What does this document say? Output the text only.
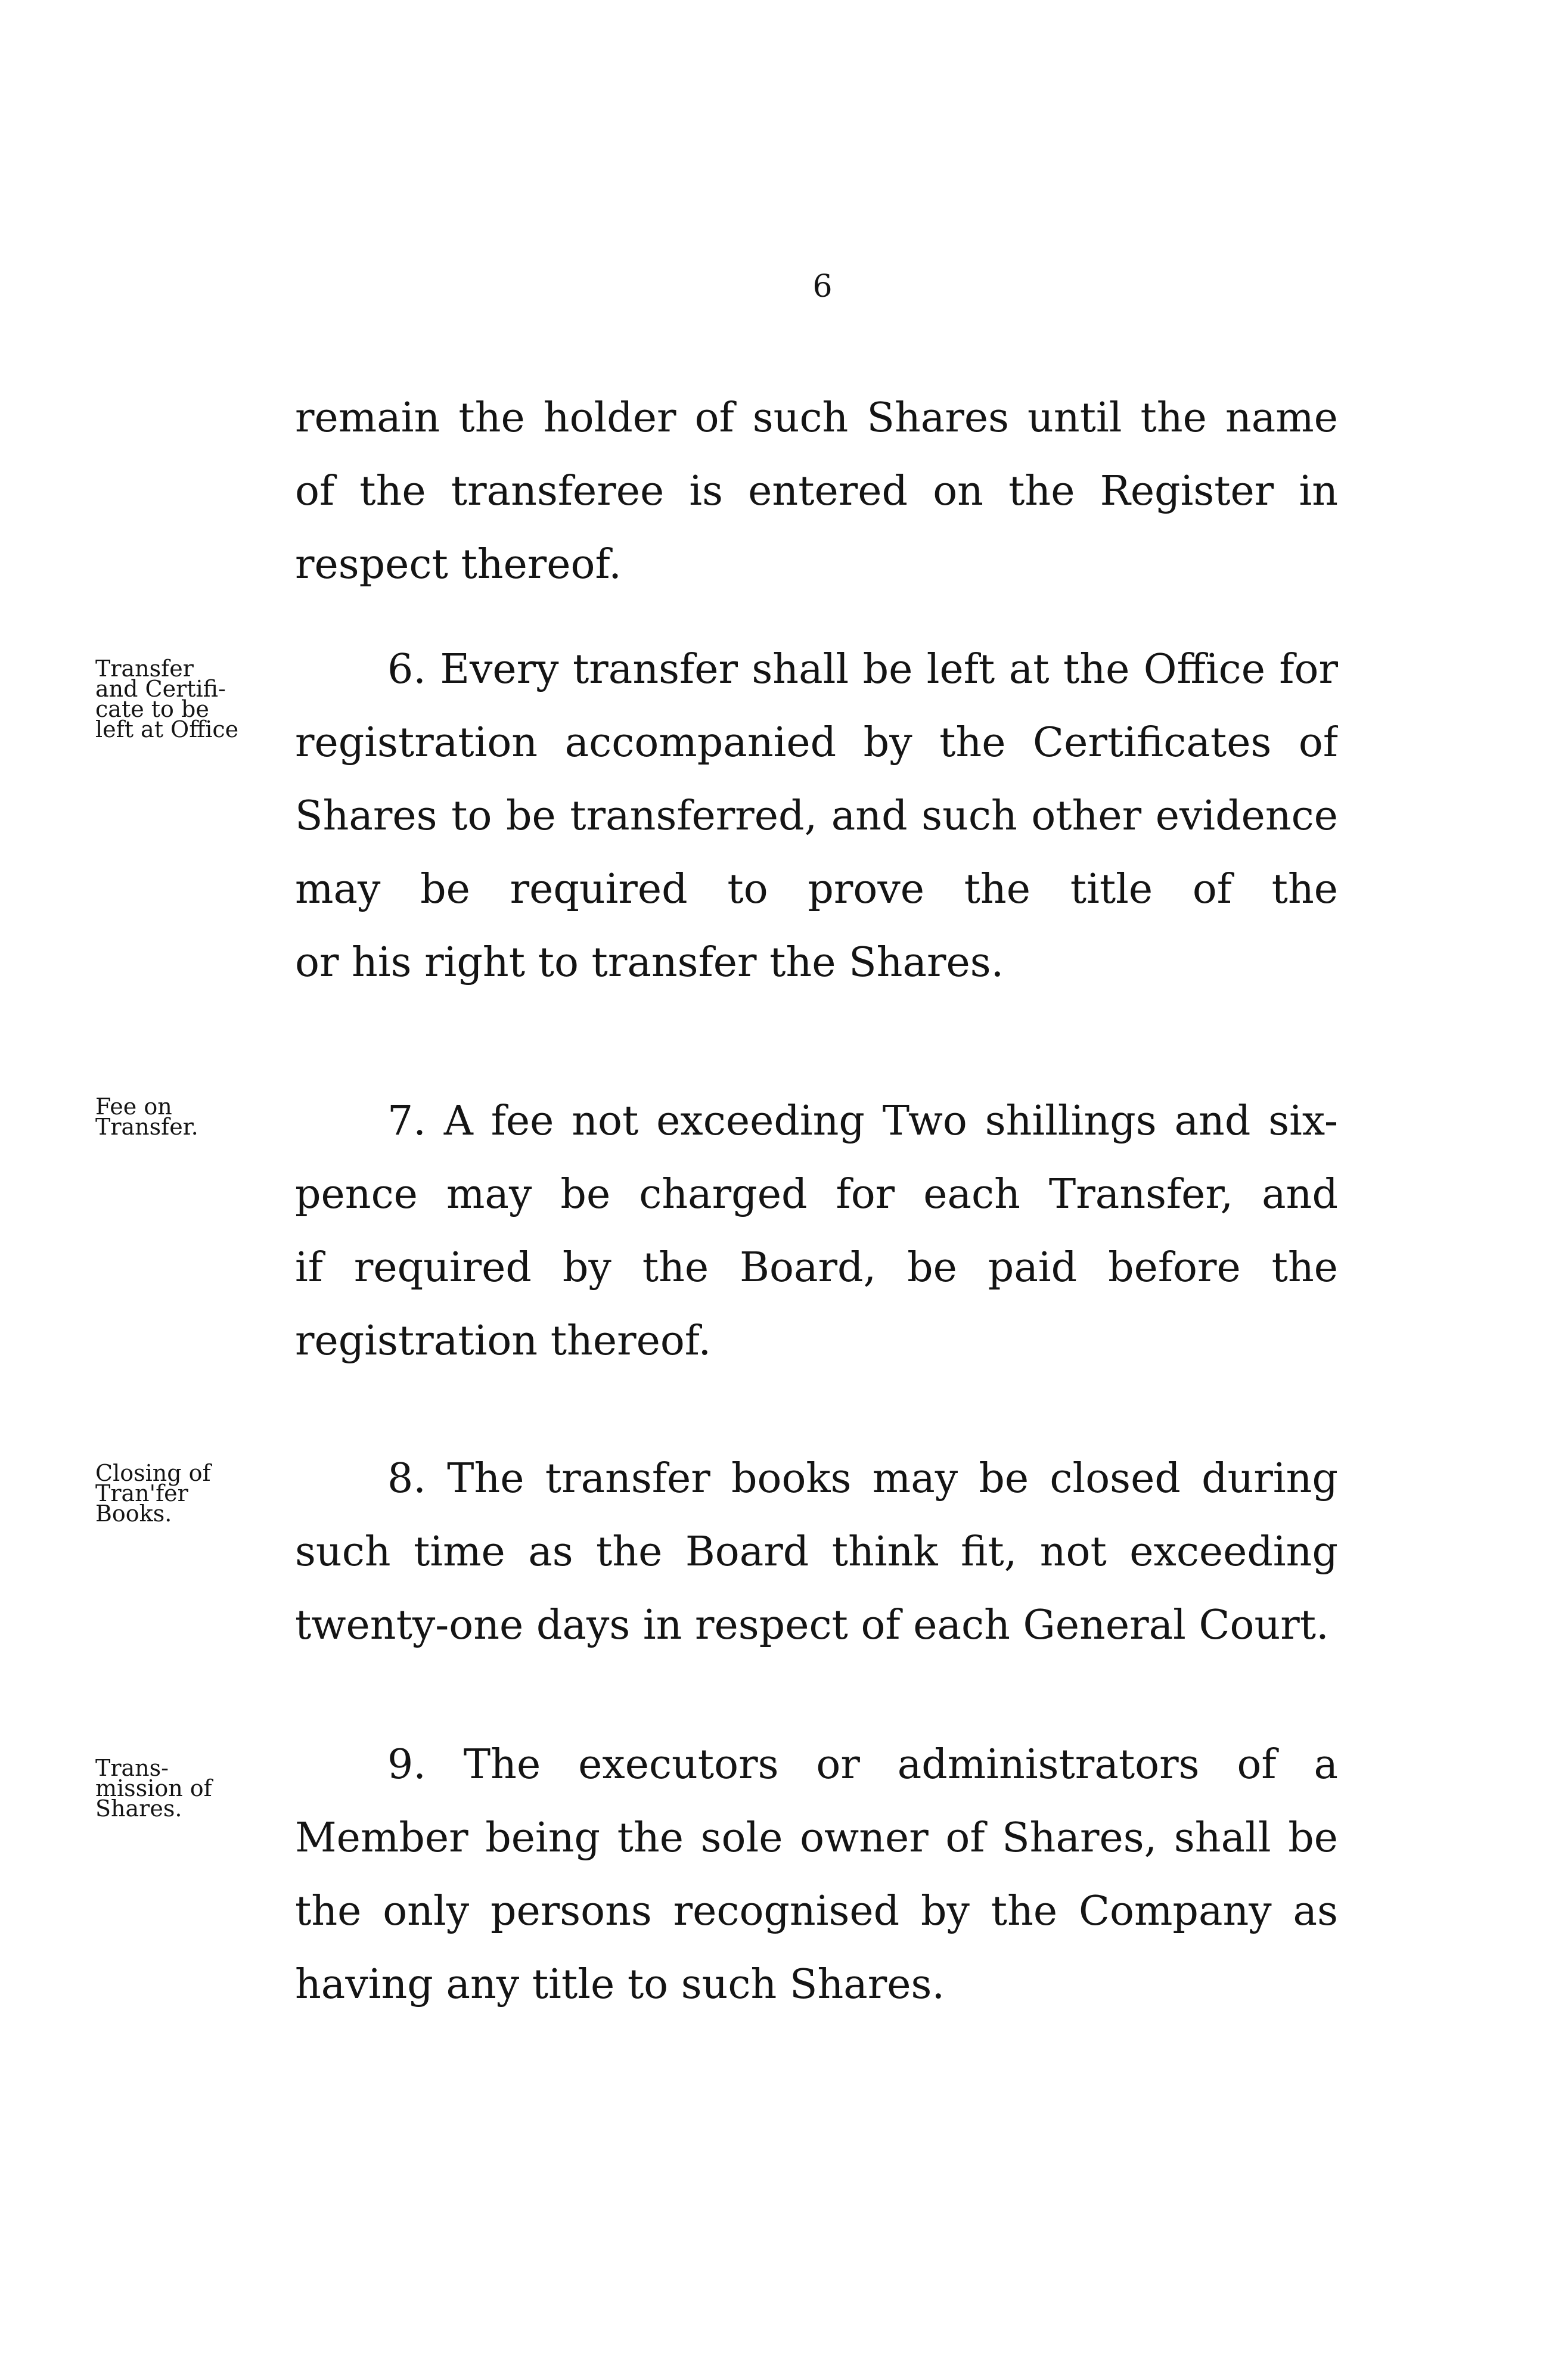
6
remain the holder of such Shares until the name
of the transferee is entered on the Register in
respect thereof.
Transfer
and Certifi-
cate to be
left at Office
6. Every transfer shall be left at the Office for
registration accompanied by the Certificates of
Shares to be transferred, and such other evidence
may be required to prove the title of the
or his right to transfer the Shares.
Fee on
Transfer.	7. A fee not exceeding Two shillings and six-
pence may be charged for each Transfer, and
if required by the Board, be paid before the
registration thereof.
Closing of
Tran'fer
Books.
8. The transfer books may be closed during
such time as the Board think fit, not exceeding
twenty-one days in respect of each General Court.
Trans-
mission of
Shares.
9. The executors or administrators of a
Member being the sole owner of Shares, shall be
the only persons recognised by the Company as
having any title to such Shares.
